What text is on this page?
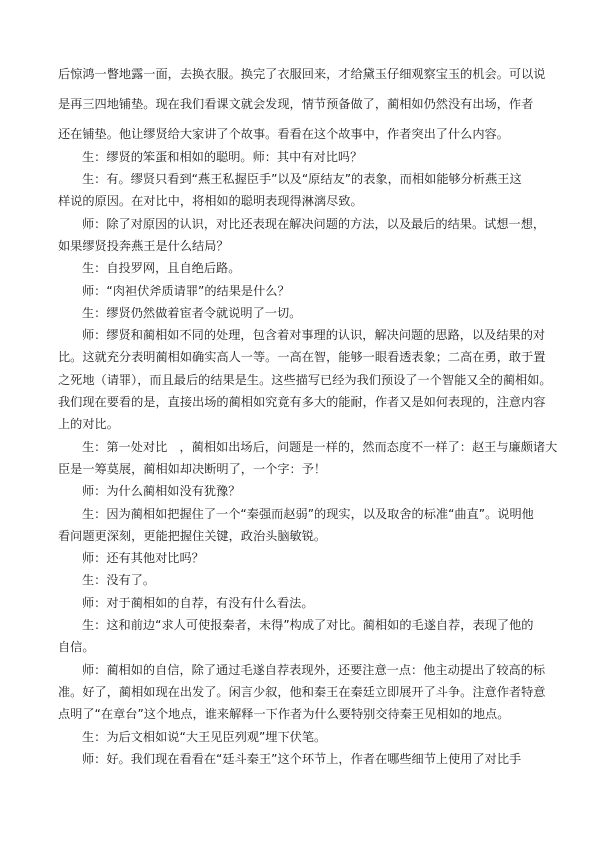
后惊鸿一瞥地露一面，去换衣服。换完了衣服回来，才给黛玉仔细观察宝玉的机会。可以说
是再三四地铺垫。现在我们看课文就会发现，情节预备做了，蔺相如仍然没有出场，作者
还在铺垫。他让缪贤给大家讲了个故事。看看在这个故事中，作者突出了什么内容。
生：缪贤的笨蛋和相如的聪明。师：其中有对比吗？
生：有。缪贤只看到“燕王私握臣手”以及“原结友”的表象，而相如能够分析燕王这
样说的原因。在对比中，将相如的聪明表现得淋漓尽致。
师：除了对原因的认识，对比还表现在解决问题的方法，以及最后的结果。试想一想，
如果缪贤投奔燕王是什么结局？
生：自投罗网，且自绝后路。
师：“肉袒伏斧质请罪”的结果是什么？
生：缪贤仍然做着宦者令就说明了一切。
师：缪贤和蔺相如不同的处理，包含着对事理的认识，解决问题的思路，以及结果的对
比。这就充分表明蔺相如确实高人一等。一高在智，能够一眼看透表象；二高在勇，敢于置
之死地（请罪），而且最后的结果是生。这些描写已经为我们预设了一个智能又全的蔺相如。
我们现在要看的是，直接出场的蔺相如究竟有多大的能耐，作者又是如何表现的，注意内容
上的对比。
生：第一处对比　，蔺相如出场后，问题是一样的，然而态度不一样了：赵王与廉颇诸大
臣是一筹莫展，蔺相如却决断明了，一个字：予！
师：为什么蔺相如没有犹豫？
生：因为蔺相如把握住了一个“秦强而赵弱”的现实，以及取舍的标准“曲直”。说明他
看问题更深刻，更能把握住关键，政治头脑敏锐。
师：还有其他对比吗？
生：没有了。
师：对于蔺相如的自荐，有没有什么看法。
生：这和前边“求人可使报秦者，未得”构成了对比。蔺相如的毛遂自荐，表现了他的
自信。
师：蔺相如的自信，除了通过毛遂自荐表现外，还要注意一点：他主动提出了较高的标
准。好了，蔺相如现在出发了。闲言少叙，他和秦王在秦廷立即展开了斗争。注意作者特意
点明了“在章台”这个地点，谁来解释一下作者为什么要特别交待秦王见相如的地点。
生：为后文相如说“大王见臣列观”埋下伏笔。
师：好。我们现在看看在“廷斗秦王”这个环节上，作者在哪些细节上使用了对比手
